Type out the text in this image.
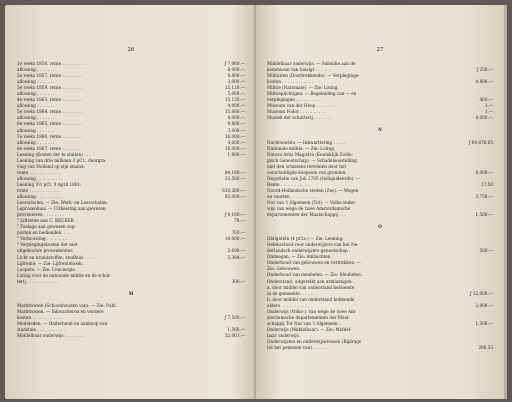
26
1e reeks 1856, rente . . . . . . . . .	ƒ 7,060.—
aflossing . . . . . . .	8,000.—
2e reeks 1857, rente . . . . . . . .	9,800.—
aflossing . . . . . . .	3,000.—
3e reeks 1859, rente . . . . . . . .	15,120.—
aflossing . . . . . . .	5,000.—
4e reeks 1863, rente . . . . . . . .	15,120.—
aflossing . . . . . . .	4,000.—
5e reeks 1864, rente . . . . . . . .	15,680.—
aflossing . . . . . . .	4,000.—
6e reeks 1865, rente . . . . . . . .	9,800.—
aflossing . . . . . . .	3,000.—
7e reeks 1866, rente . . . . . . . .	16,000.—
aflossing . . . . . . .	4,000.—
8e reeks 1867, rente . . . . . . . .	18,000.—
Leening (Kosten der te sluiten) . . .	1,800.—
Leening van drie millioen 3 pCt., doorgra-
ving van Holland op zijn smalst:
rente . . . . . . . . . . . .	84,180.—
aflossing . . . . . . . . . .	33,500.—
Leening 3½ pCt. 9 April 1861:
rente . . . . . . . . . . . .	610,260.—
aflossing . . . . . . . . . .	92,000.—
Leerscholen. — Zie: Werk- en Leerscholen.
Leprozenhuis. — Uitkeering aan gewezen
provenieren . . . . . . . .	ƒ 9,100.—
" Liftrente aan C. BECKER. .	70.—
" Toelage aan gewezen sup-
posten en bedienden. . .	760.—
" Verbouwing . . . . . . . .	10,000.—
" Verplegingskosten der niet
uitgekochte provenierster.	2,608.—
Licht en brandstoffen, stadhuis . . . .	5,384.—
Lijfrente. — Zie: Lijfrenteboek.
Loopers. — Zie: Conciergie.
Loting voor de nationale militie en de schut-
terij . . . . . . . . . . . .	300.—
M
Marktwezen (Schoonhouden van). — Zie: Publ.
Marktwezen. — Inkwartieren en verdere
kosten . . . . . . . . . . . .	ƒ 7,500.—
Medeleden. — Onderhoud en aankoop van
stadsluis . . . . . . . . . . .	1,560.—
Middelbaar onderwijs. . . . . . . .	32,001.—
27
Middelbaar onderwijs. — Subsidie aan de
kommissie van toezigt . . . . . .	ƒ 250.—
Militairen (Doortrekkende). — Verpleginge-
kosten . . . . . . . . . . . .	4,800.—
Militie (Nationale). — Zie: Loting.
Militieplichtigen. — Begeleiding van — en
verplegingen . . . . . . . . .	400.—
Museum van der Hoop . . . . . . .	1.—
Museum Fodor . . . . . . . . . .	1.—
Muziek der schutterij . . . . . . .	4,000.—
N
Nachtwachts. — Inkwartiering . . . . .	ƒ 64,876.05
Nationale militie. — Zie: Loting.
Natura Artis Magistra (Koninklijk Zoölo-
gisch Genootschap). — Schadeloosstelling
niet den schietens terreinen door het
verschuldigde koopsom van gronden.	6,000.—
Negotiatie van Juli 1795 (Geliquideerde). —
Rente . . . . . . . . . . . .	17.50
Noord-Hollandsche steden (Zes). — Wegen
en vaarten . . . . . . . . . .	3,750.—
Nut van 't Algemeen (Tot). — Volks-onder-
wijs van wege de twee Amsterdamsche
departementen der Maatschappij . . .	1,500.—
O
Obligatiën (4 pCts.) — Zie: Leening.
Oefenschool voor onderwijzers van het Ne-
derlandsch onderwijzers-genootschap .	500.—
Ommegan. — Zie: Ambachten.
Onderhoud van gebouwen en vertrekken. —
Zie: Gebouwen.
Onderhoud van meubelen. — Zie: Meubelen.
Onderstand, uitgereikt aan armlastigen:
a. door middel van onderstand hebbende
in de gemeente. . . . . . .	ƒ 12,000.—
b. door middel van onderstand hebbende
elders . . . . . . . . . .	2,000.—
Onderwijs (Volks-), van wege de twee Am-
sterdamsche departementen der Maat-
schappij Tot Nut van 't Algemeen. .	1,300.—
Onderwijs (Middelbaar). — Zie: Middel-
baar onderwijs.
Onderwijzers en onderwijzeressen (Bijdrage
tot het pensioen van) . . . . . .	290.33
